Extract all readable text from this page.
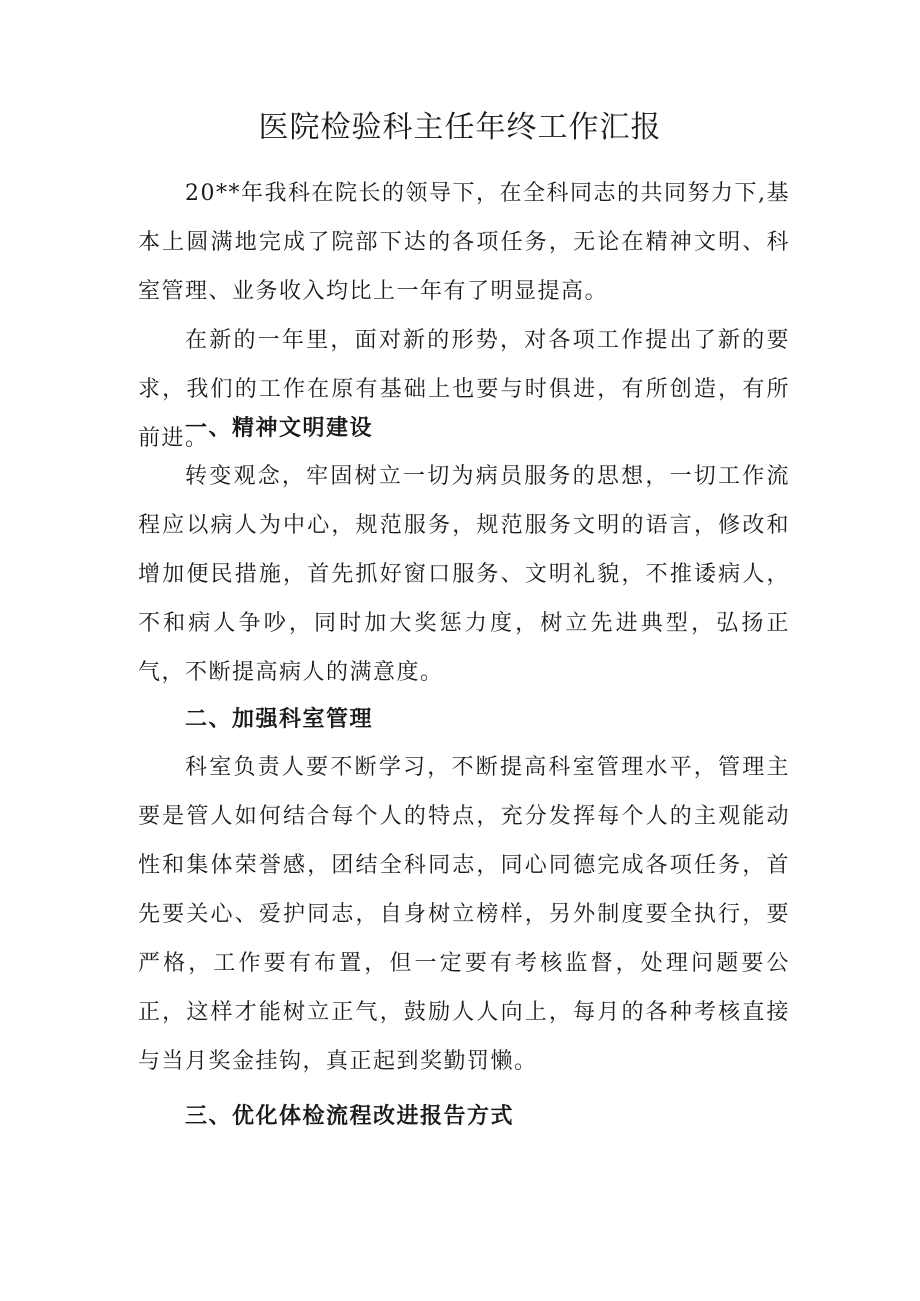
医院检验科主任年终工作汇报

20**年我科在院长的领导下，在全科同志的共同努力下,基本上圆满地完成了院部下达的各项任务，无论在精神文明、科室管理、业务收入均比上一年有了明显提高。

在新的一年里，面对新的形势，对各项工作提出了新的要求，我们的工作在原有基础上也要与时俱进，有所创造，有所前进。

一、精神文明建设

转变观念，牢固树立一切为病员服务的思想，一切工作流程应以病人为中心，规范服务，规范服务文明的语言，修改和增加便民措施，首先抓好窗口服务、文明礼貌，不推诿病人，不和病人争吵，同时加大奖惩力度，树立先进典型，弘扬正气，不断提高病人的满意度。

二、加强科室管理

科室负责人要不断学习，不断提高科室管理水平，管理主要是管人如何结合每个人的特点，充分发挥每个人的主观能动性和集体荣誉感，团结全科同志，同心同德完成各项任务，首先要关心、爱护同志，自身树立榜样，另外制度要全执行，要严格，工作要有布置，但一定要有考核监督，处理问题要公正，这样才能树立正气，鼓励人人向上，每月的各种考核直接与当月奖金挂钩，真正起到奖勤罚懒。

三、优化体检流程改进报告方式
